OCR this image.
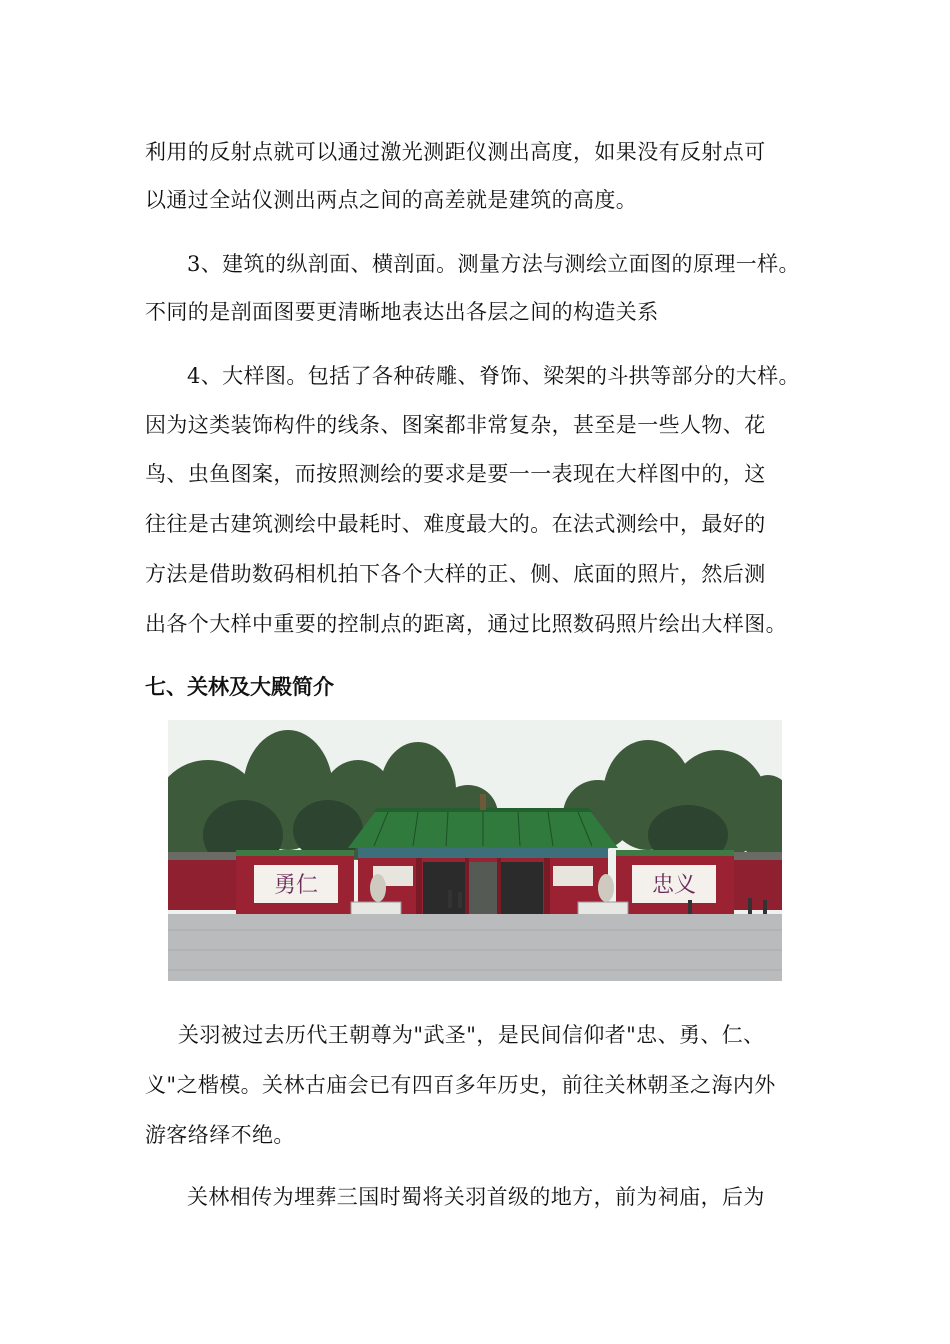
利用的反射点就可以通过激光测距仪测出高度，如果没有反射点可
以通过全站仪测出两点之间的高差就是建筑的高度。
3、建筑的纵剖面、横剖面。测量方法与测绘立面图的原理一样。
不同的是剖面图要更清晰地表达出各层之间的构造关系
4、大样图。包括了各种砖雕、脊饰、梁架的斗拱等部分的大样。
因为这类装饰构件的线条、图案都非常复杂，甚至是一些人物、花
鸟、虫鱼图案，而按照测绘的要求是要一一表现在大样图中的，这
往往是古建筑测绘中最耗时、难度最大的。在法式测绘中，最好的
方法是借助数码相机拍下各个大样的正、侧、底面的照片，然后测
出各个大样中重要的控制点的距离，通过比照数码照片绘出大样图。
七、关林及大殿简介
勇仁	忠义
关羽被过去历代王朝尊为"武圣"，是民间信仰者"忠、勇、仁、
义"之楷模。关林古庙会已有四百多年历史，前往关林朝圣之海内外
游客络绎不绝。
关林相传为埋葬三国时蜀将关羽首级的地方，前为祠庙，后为
